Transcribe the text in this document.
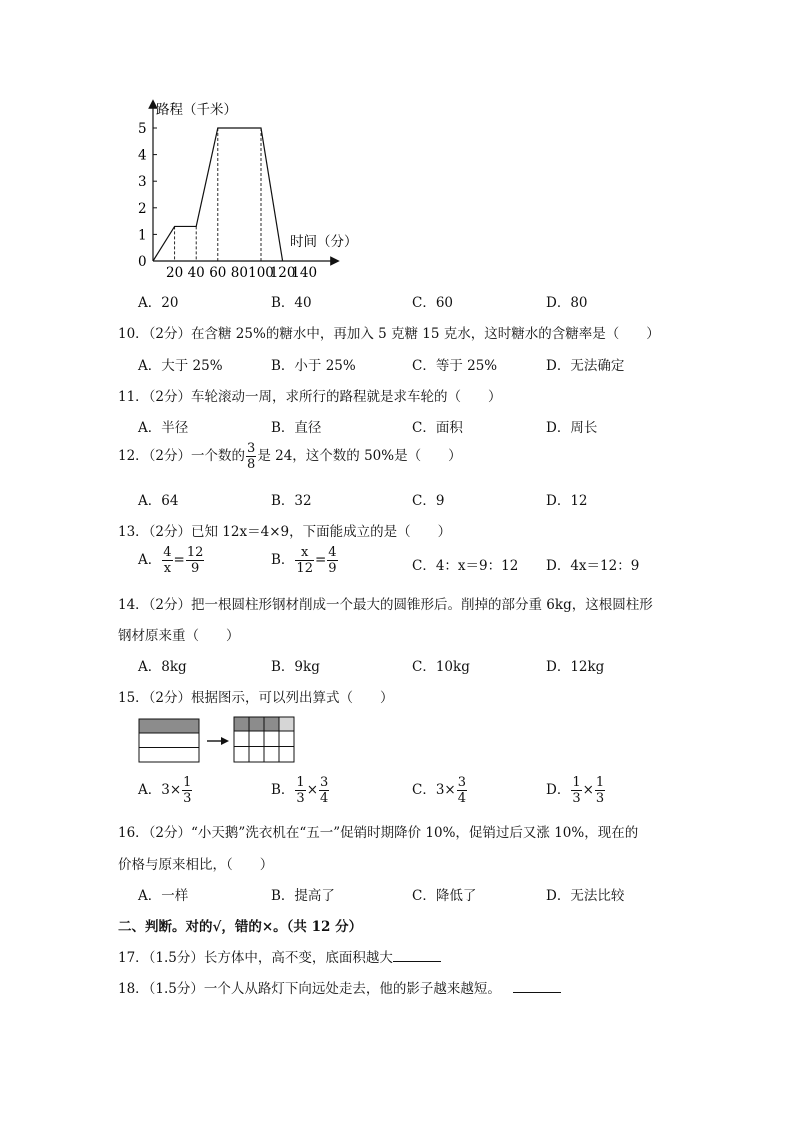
路程（千米）
时间（分）
0
1
2
3
4
5
20 40 60 80 100
120
140
A．20	B．40	C．60	D．80
10．（2分）在含糖 25%的糖水中，再加入 5 克糖 15 克水，这时糖水的含糖率是（　　）
A．大于 25%	B．小于 25%	C．等于 25%	D．无法确定
11．（2分）车轮滚动一周，求所行的路程就是求车轮的（　　）
A．半径	B．直径	C．面积	D．周长
12．（2分）一个数的 $\frac{3}{8}$ 是 24，这个数的 50%是（　　）
A．64	B．32	C．9	D．12
13．（2分）已知 12x＝4×9，下面能成立的是（　　）
A． $\frac{4}{x} = \frac{12}{9}$	B． $\frac{x}{12} = \frac{4}{9}$	C．4：x＝9：12 D．4x＝12：9
14．（2分）把一根圆柱形钢材削成一个最大的圆锥形后。削掉的部分重 6kg，这根圆柱形
钢材原来重（　　）
A．8kg	B．9kg	C．10kg	D．12kg
15．（2分）根据图示，可以列出算式（　　）
A．$3\times \frac{1}{3}$	B． $\frac{1}{3} \times \frac{3}{4}$	C．$3\times \frac{3}{4}$	D． $\frac{1}{3} \times \frac{1}{3}$
16．（2分）“小天鹅”洗衣机在“五一”促销时期降价 10%，促销过后又涨 10%，现在的
价格与原来相比，（　　）
A．一样	B．提高了	C．降低了	D．无法比较
二、判断。对的√，错的×。（共 12 分）
17．（1.5分）长方体中，高不变，底面积越大
18．（1.5分）一个人从路灯下向远处走去，他的影子越来越短。
